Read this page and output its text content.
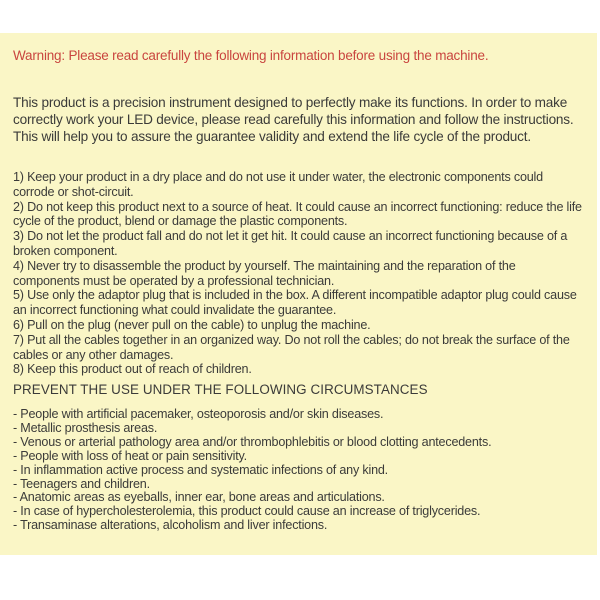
Warning: Please read carefully the following information before using the machine.
This product is a precision instrument designed to perfectly make its functions. In order to make correctly work your LED device, please read carefully this information and follow the instructions. This will help you to assure the guarantee validity and extend the life cycle of the product.
1) Keep your product in a dry place and do not use it under water, the electronic components could corrode or shot-circuit.
2) Do not keep this product next to a source of heat. It could cause an incorrect functioning: reduce the life cycle of the product, blend or damage the plastic components.
3) Do not let the product fall and do not let it get hit. It could cause an incorrect functioning because of a broken component.
4) Never try to disassemble the product by yourself. The maintaining and the reparation of the components must be operated by a professional technician.
5) Use only the adaptor plug that is included in the box. A different incompatible adaptor plug could cause an incorrect functioning what could invalidate the guarantee.
6) Pull on the plug (never pull on the cable) to unplug the machine.
7) Put all the cables together in an organized way. Do not roll the cables; do not break the surface of the cables or any other damages.
8) Keep this product out of reach of children.
PREVENT THE USE UNDER THE FOLLOWING CIRCUMSTANCES
- People with artificial pacemaker, osteoporosis and/or skin diseases.
- Metallic prosthesis areas.
- Venous or arterial pathology area and/or thrombophlebitis or blood clotting antecedents.
- People with loss of heat or pain sensitivity.
- In inflammation active process and systematic infections of any kind.
- Teenagers and children.
- Anatomic areas as eyeballs, inner ear, bone areas and articulations.
- In case of hypercholesterolemia, this product could cause an increase of triglycerides.
- Transaminase alterations, alcoholism and liver infections.
